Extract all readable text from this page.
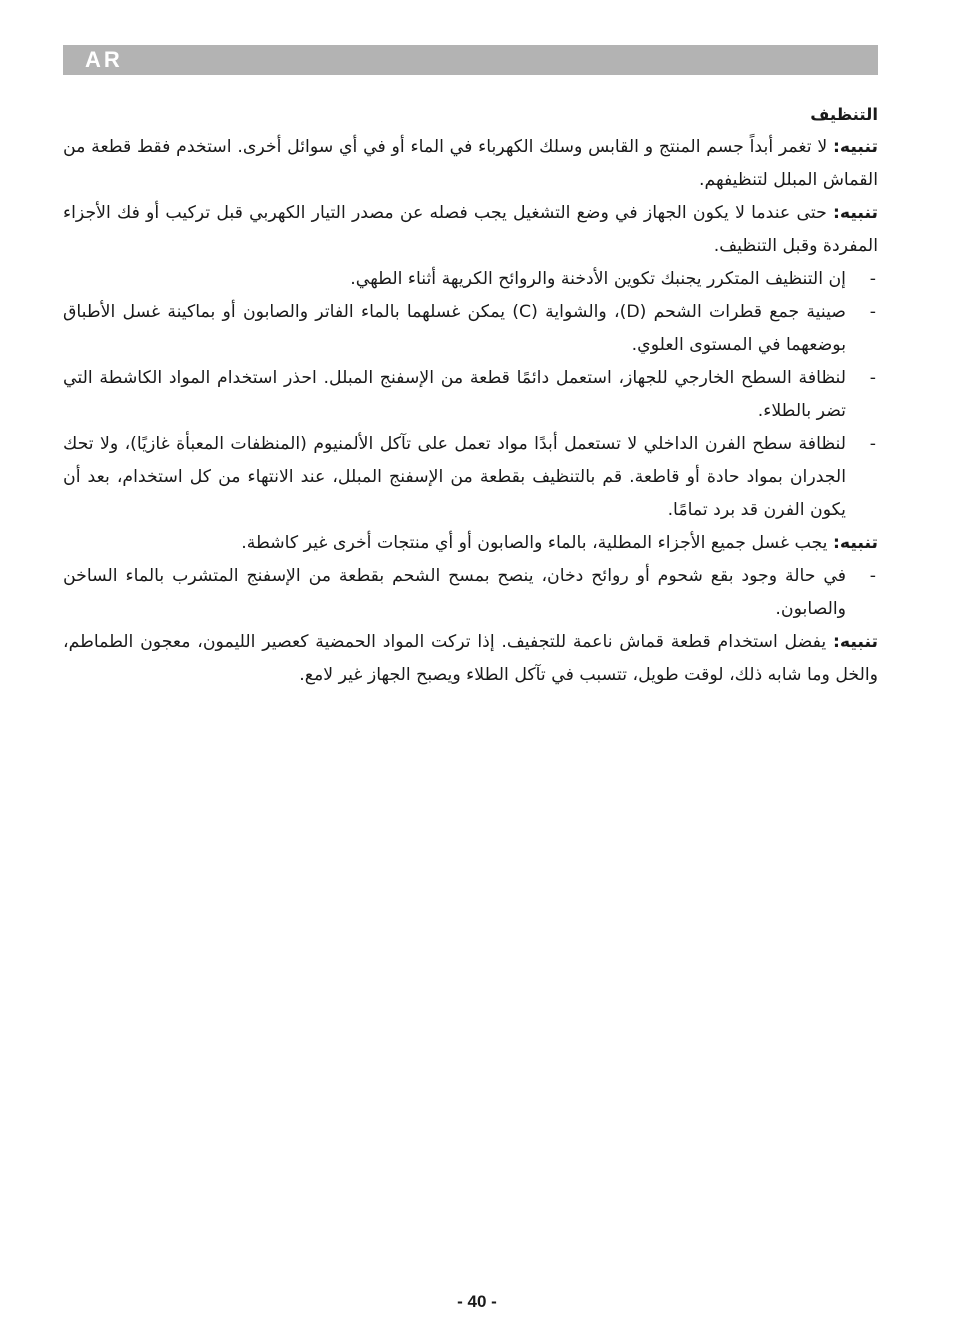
AR

التنظيف

تنبيه: لا تغمر أبداً جسم المنتج و القابس وسلك الكهرباء في الماء أو في أي سوائل أخرى. استخدم فقط قطعة من القماش المبلل لتنظيفهم.

تنبيه: حتى عندما لا يكون الجهاز في وضع التشغيل يجب فصله عن مصدر التيار الكهربي قبل تركيب أو فك الأجزاء المفردة وقبل التنظيف.

-
إن التنظيف المتكرر يجنبك تكوين الأدخنة والروائح الكريهة أثناء الطهي.
-
صينية جمع قطرات الشحم (D)، والشواية (C) يمكن غسلهما بالماء الفاتر والصابون أو بماكينة غسل الأطباق بوضعهما في المستوى العلوي.
-
لنظافة السطح الخارجي للجهاز، استعمل دائمًا قطعة من الإسفنج المبلل. احذر استخدام المواد الكاشطة التي تضر بالطلاء.
-
لنظافة سطح الفرن الداخلي لا تستعمل أبدًا مواد تعمل على تآكل الألمنيوم (المنظفات المعبأة غازيًا)، ولا تحك الجدران بمواد حادة أو قاطعة. قم بالتنظيف بقطعة من الإسفنج المبلل، عند الانتهاء من كل استخدام، بعد أن يكون الفرن قد برد تمامًا.

تنبيه: يجب غسل جميع الأجزاء المطلية، بالماء والصابون أو أي منتجات أخرى غير كاشطة.

-
في حالة وجود بقع شحوم أو روائح دخان، ينصح بمسح الشحم بقطعة من الإسفنج المتشرب بالماء الساخن والصابون.

تنبيه: يفضل استخدام قطعة قماش ناعمة للتجفيف. إذا تركت المواد الحمضية كعصير الليمون، معجون الطماطم، والخل وما شابه ذلك، لوقت طويل، تتسبب في تآكل الطلاء ويصبح الجهاز غير لامع.

- 40 -
